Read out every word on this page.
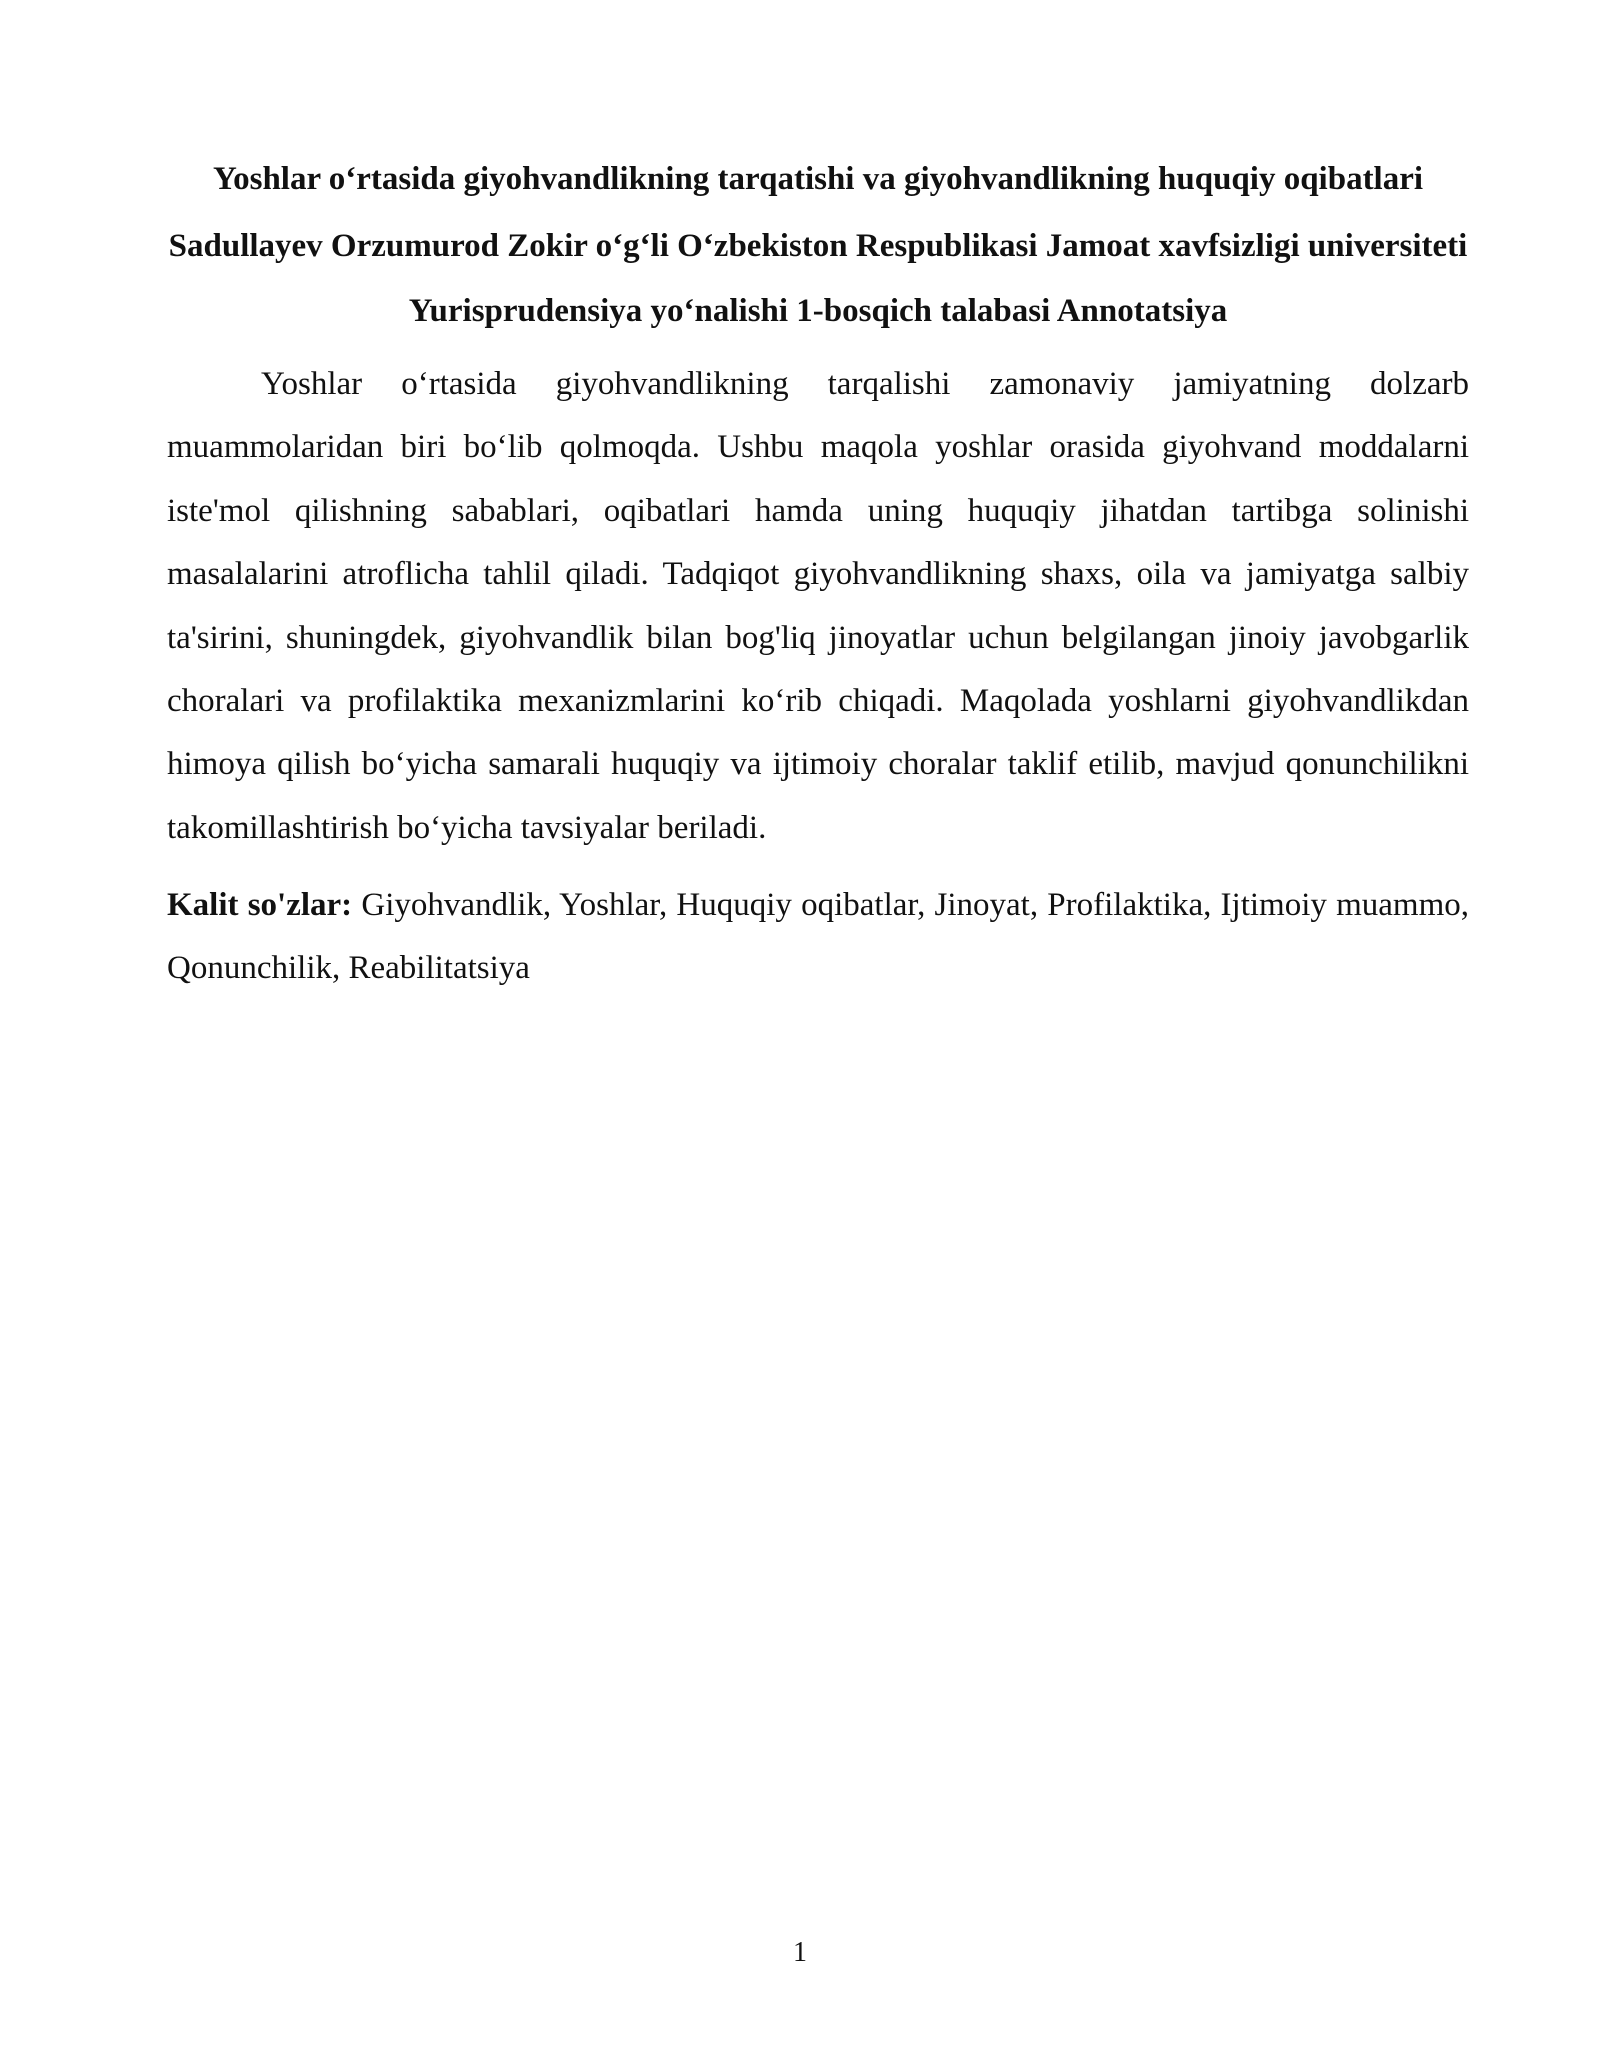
Yoshlar o‘rtasida giyohvandlikning tarqatishi va giyohvandlikning huquqiy oqibatlari

Sadullayev Orzumurod Zokir o‘g‘li O‘zbekiston Respublikasi Jamoat xavfsizligi universiteti Yurisprudensiya yo‘nalishi 1-bosqich talabasi Annotatsiya

Yoshlar o‘rtasida giyohvandlikning tarqalishi zamonaviy jamiyatning dolzarb muammolaridan biri bo‘lib qolmoqda. Ushbu maqola yoshlar orasida giyohvand moddalarni iste'mol qilishning sabablari, oqibatlari hamda uning huquqiy jihatdan tartibga solinishi masalalarini atroflicha tahlil qiladi. Tadqiqot giyohvandlikning shaxs, oila va jamiyatga salbiy ta'sirini, shuningdek, giyohvandlik bilan bog'liq jinoyatlar uchun belgilangan jinoiy javobgarlik choralari va profilaktika mexanizmlarini ko‘rib chiqadi. Maqolada yoshlarni giyohvandlikdan himoya qilish bo‘yicha samarali huquqiy va ijtimoiy choralar taklif etilib, mavjud qonunchilikni takomillashtirish bo‘yicha tavsiyalar beriladi.

Kalit so'zlar: Giyohvandlik, Yoshlar, Huquqiy oqibatlar, Jinoyat, Profilaktika, Ijtimoiy muammo, Qonunchilik, Reabilitatsiya

1
